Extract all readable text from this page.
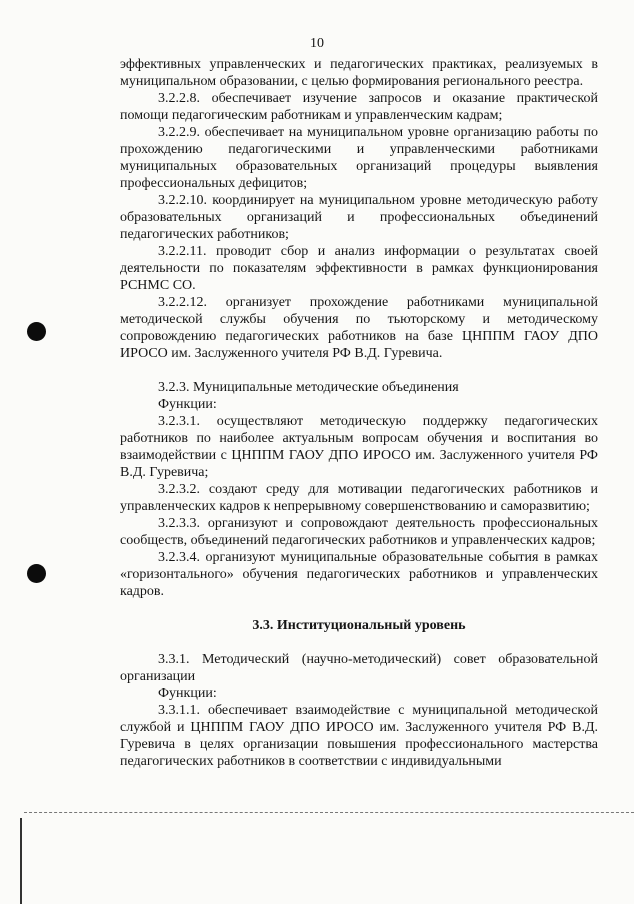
10

эффективных управленческих и педагогических практиках, реализуемых в муниципальном образовании, с целью формирования регионального реестра.

3.2.2.8. обеспечивает изучение запросов и оказание практической помощи педагогическим работникам и управленческим кадрам;

3.2.2.9. обеспечивает на муниципальном уровне организацию работы по прохождению педагогическими и управленческими работниками муниципальных образовательных организаций процедуры выявления профессиональных дефицитов;

3.2.2.10. координирует на муниципальном уровне методическую работу образовательных организаций и профессиональных объединений педагогических работников;

3.2.2.11. проводит сбор и анализ информации о результатах своей деятельности по показателям эффективности в рамках функционирования РСНМС СО.

3.2.2.12. организует прохождение работниками муниципальной методической службы обучения по тьюторскому и методическому сопровождению педагогических работников на базе ЦНППМ ГАОУ ДПО ИРОСО им. Заслуженного учителя РФ В.Д. Гуревича.

3.2.3. Муниципальные методические объединения

Функции:

3.2.3.1. осуществляют методическую поддержку педагогических работников по наиболее актуальным вопросам обучения и воспитания во взаимодействии с ЦНППМ ГАОУ ДПО ИРОСО им. Заслуженного учителя РФ В.Д. Гуревича;

3.2.3.2. создают среду для мотивации педагогических работников и управленческих кадров к непрерывному совершенствованию и саморазвитию;

3.2.3.3. организуют и сопровождают деятельность профессиональных сообществ, объединений педагогических работников и управленческих кадров;

3.2.3.4. организуют муниципальные образовательные события в рамках «горизонтального» обучения педагогических работников и управленческих кадров.

3.3. Институциональный уровень

3.3.1. Методический (научно-методический) совет образовательной организации

Функции:

3.3.1.1. обеспечивает взаимодействие с муниципальной методической службой и ЦНППМ ГАОУ ДПО ИРОСО им. Заслуженного учителя РФ В.Д. Гуревича в целях организации повышения профессионального мастерства педагогических работников в соответствии с индивидуальными
